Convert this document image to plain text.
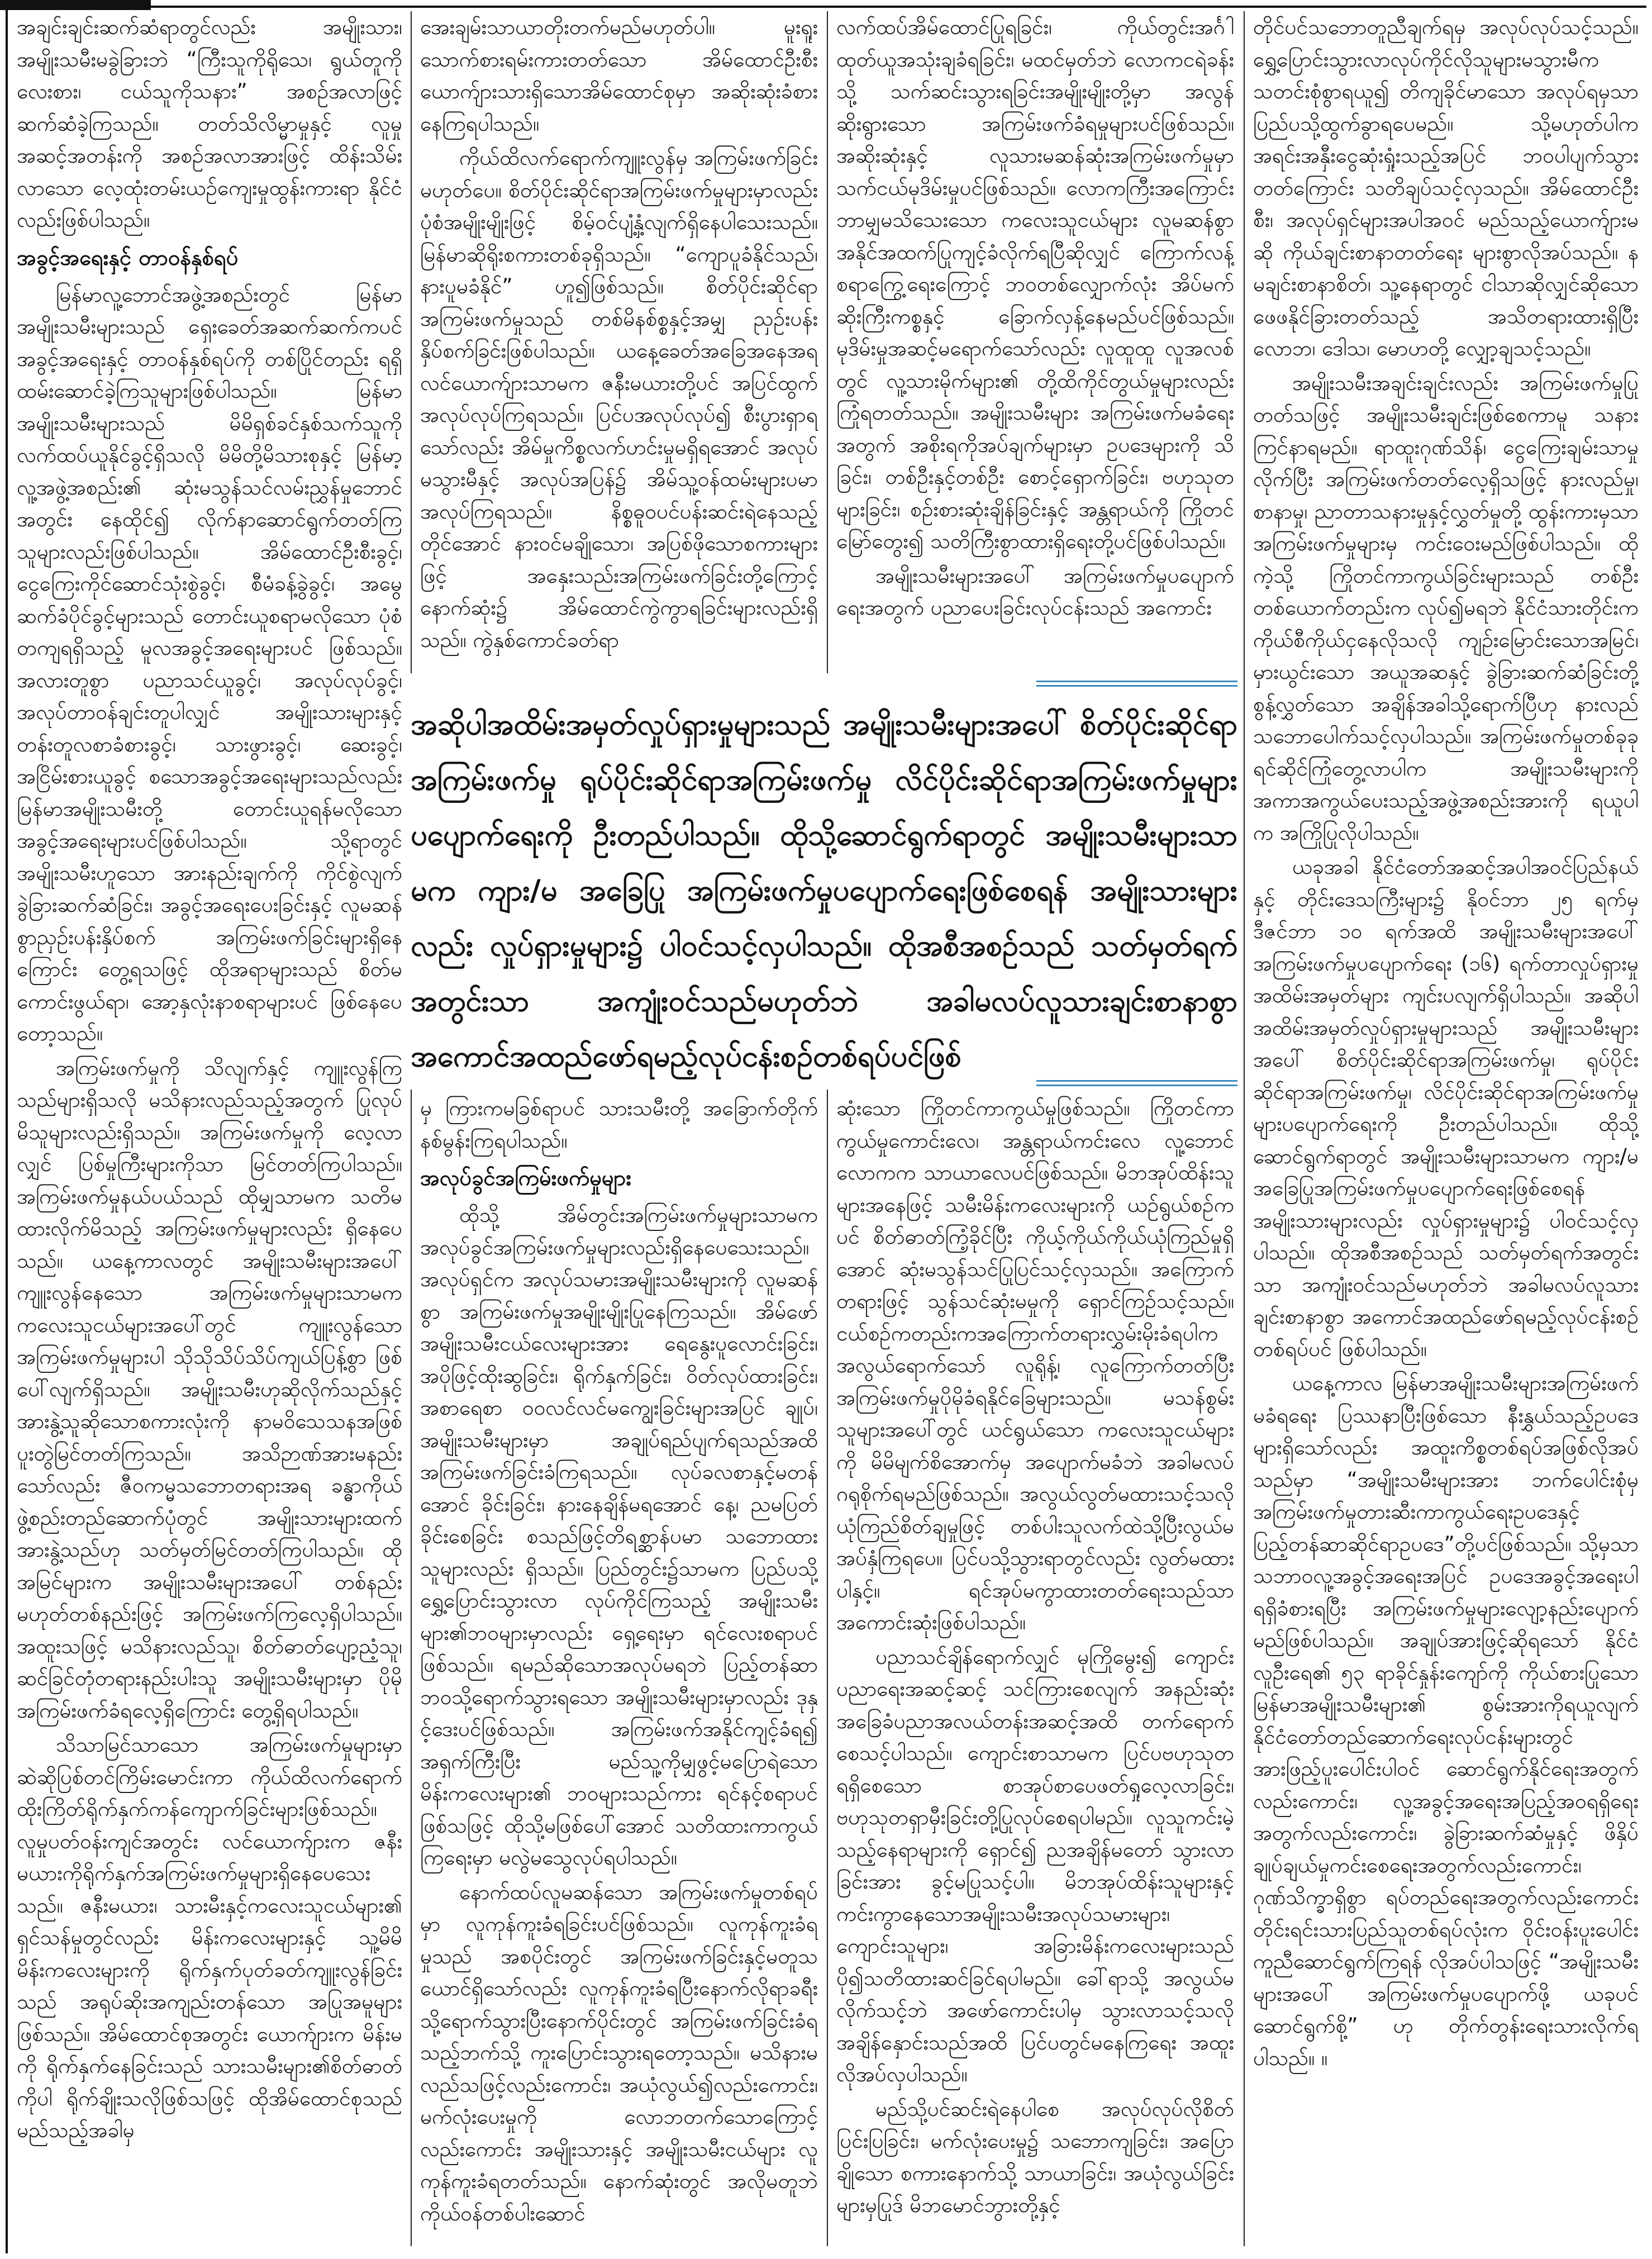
အချင်းချင်းဆက်ဆံရာတွင်လည်း အမျိုးသား၊ အမျိုးသမီးမခွဲခြားဘဲ “ကြီးသူကိုရိုသေ၊ ရွယ်တူကိုလေးစား၊ ငယ်သူကိုသနား” အစဉ်အလာဖြင့် ဆက်ဆံခဲ့ကြသည်။ တတ်သိလိမ္မာမှုနှင့် လူမှုအဆင့်အတန်းကို အစဉ်အလာအားဖြင့် ထိန်းသိမ်းလာသော လေ့ထုံးတမ်းယဉ်ကျေးမှုထွန်းကားရာ နိုင်ငံလည်းဖြစ်ပါသည်။

အခွင့်အရေးနှင့် တာဝန်နှစ်ရပ်

မြန်မာလူ့ဘောင်အဖွဲ့အစည်းတွင် မြန်မာအမျိုးသမီးများသည် ရှေးခေတ်အဆက်ဆက်ကပင် အခွင့်အရေးနှင့် တာဝန်နှစ်ရပ်ကို တစ်ပြိုင်တည်း ရရှိထမ်းဆောင်ခဲ့ကြသူများဖြစ်ပါသည်။ မြန်မာအမျိုးသမီးများသည် မိမိရှစ်ခင်နှစ်သက်သူကို လက်ထပ်ယူနိုင်ခွင့်ရှိသလို မိမိတို့မိသားစုနှင့် မြန်မာ့လူ့အဖွဲ့အစည်း၏ ဆုံးမသွန်သင်လမ်းညွှန်မှုဘောင်အတွင်း နေထိုင်၍ လိုက်နာဆောင်ရွက်တတ်ကြသူများလည်းဖြစ်ပါသည်။ အိမ်ထောင်ဦးစီးခွင့်၊ ငွေကြေးကိုင်ဆောင်သုံးစွဲခွင့်၊ စီမံခန့်ခွဲခွင့်၊ အမွေဆက်ခံပိုင်ခွင့်များသည် တောင်းယူစရာမလိုသော ပုံစံတကျရရှိသည့် မူလအခွင့်အရေးများပင် ဖြစ်သည်။ အလားတူစွာ ပညာသင်ယူခွင့်၊ အလုပ်လုပ်ခွင့်၊ အလုပ်တာဝန်ချင်းတူပါလျှင် အမျိုးသားများနှင့်တန်းတူလစာခံစားခွင့်၊ သားဖွားခွင့်၊ ဆေးခွင့်၊ အငြိမ်းစားယူခွင့် စသောအခွင့်အရေးများသည်လည်း မြန်မာအမျိုးသမီးတို့ တောင်းယူရန်မလိုသော အခွင့်အရေးများပင်ဖြစ်ပါသည်။ သို့ရာတွင် အမျိုးသမီးဟူသော အားနည်းချက်ကို ကိုင်စွဲလျက် ခွဲခြားဆက်ဆံခြင်း၊ အခွင့်အရေးပေးခြင်းနှင့် လူမဆန်စွာညှဉ်းပန်းနှိပ်စက် အကြမ်းဖက်ခြင်းများရှိနေကြောင်း တွေ့ရသဖြင့် ထိုအရာများသည် စိတ်မကောင်းဖွယ်ရာ၊ အော့နှလုံးနာစရာများပင် ဖြစ်နေပေတော့သည်။

အကြမ်းဖက်မှုကို သိလျက်နှင့် ကျူးလွန်ကြသည်များရှိသလို မသိနားလည်သည့်အတွက် ပြုလုပ်မိသူများလည်းရှိသည်။ အကြမ်းဖက်မှုကို လေ့လာလျှင် ပြစ်မှုကြီးများကိုသာ မြင်တတ်ကြပါသည်။ အကြမ်းဖက်မှုနယ်ပယ်သည် ထိုမျှသာမက သတိမထားလိုက်မိသည့် အကြမ်းဖက်မှုများလည်း ရှိနေပေသည်။ ယနေ့ကာလတွင် အမျိုးသမီးများအပေါ် ကျူးလွန်နေသော အကြမ်းဖက်မှုများသာမက ကလေးသူငယ်များအပေါ်တွင် ကျူးလွန်သော အကြမ်းဖက်မှုများပါ သိုသိုသိပ်သိပ်ကျယ်ပြန့်စွာ ဖြစ်ပေါ်လျက်ရှိသည်။ အမျိုးသမီးဟုဆိုလိုက်သည်နှင့် အားနွဲ့သူဆိုသောစကားလုံးကို နာမဝိသေသနအဖြစ် ပူးတွဲမြင်တတ်ကြသည်။ အသိဉာဏ်အားမနည်းသော်လည်း ဇီဝကမ္မသဘောတရားအရ ခန္ဓာကိုယ်ဖွဲ့စည်းတည်ဆောက်ပုံတွင် အမျိုးသားများထက် အားနွဲ့သည်ဟု သတ်မှတ်မြင်တတ်ကြပါသည်။ ထိုအမြင်များက အမျိုးသမီးများအပေါ် တစ်နည်းမဟုတ်တစ်နည်းဖြင့် အကြမ်းဖက်ကြလေ့ရှိပါသည်။ အထူးသဖြင့် မသိနားလည်သူ၊ စိတ်ဓာတ်ပျော့ညံ့သူ၊ ဆင်ခြင်တုံတရားနည်းပါးသူ အမျိုးသမီးများမှာ ပိုမိုအကြမ်းဖက်ခံရလေ့ရှိကြောင်း တွေ့ရှိရပါသည်။

သိသာမြင်သာသော အကြမ်းဖက်မှုများမှာ ဆဲဆိုပြစ်တင်ကြိမ်းမောင်းကာ ကိုယ်ထိလက်ရောက် ထိုးကြိတ်ရိုက်နှက်ကန်ကျောက်ခြင်းများဖြစ်သည်။ လူမှုပတ်ဝန်းကျင်အတွင်း လင်ယောက်ျားက ဇနီးမယားကိုရိုက်နှက်အကြမ်းဖက်မှုများရှိနေပေသေးသည်။ ဇနီးမယား၊ သားမီးနှင့်ကလေးသူငယ်များ၏ ရှင်သန်မှုတွင်လည်း မိန်းကလေးများနှင့် သူ့မိမိမိန်းကလေးများကို ရိုက်နှက်ပုတ်ခတ်ကျူးလွန်ခြင်းသည် အရုပ်ဆိုးအကျည်းတန်သော အပြုအမူများဖြစ်သည်။ အိမ်ထောင်စုအတွင်း ယောက်ျားက မိန်းမကို ရိုက်နှက်နေခြင်းသည် သားသမီးများ၏စိတ်ဓာတ်ကိုပါ ရိုက်ချိုးသလိုဖြစ်သဖြင့် ထိုအိမ်ထောင်စုသည် မည်သည့်အခါမှ

အေးချမ်းသာယာတိုးတက်မည်မဟုတ်ပါ။ မူးရူးသောက်စားရမ်းကားတတ်သော အိမ်ထောင်ဦးစီးယောက်ျားသားရှိသောအိမ်ထောင်စုမှာ အဆိုးဆုံးခံစားနေကြရပါသည်။

ကိုယ်ထိလက်ရောက်ကျူးလွန်မှ အကြမ်းဖက်ခြင်းမဟုတ်ပေ။ စိတ်ပိုင်းဆိုင်ရာအကြမ်းဖက်မှုများမှာလည်း ပုံစံအမျိုးမျိုးဖြင့် စိမ့်ဝင်ပျံ့နှံ့လျက်ရှိနေပါသေးသည်။ မြန်မာဆိုရိုးစကားတစ်ခုရှိသည်။ “ကျောပူခံနိုင်သည်၊ နားပူမခံနိုင်” ဟူ၍ဖြစ်သည်။ စိတ်ပိုင်းဆိုင်ရာအကြမ်းဖက်မှုသည် တစ်မိနစ်စ္စနှင့်အမျှ ညှဉ်းပန်းနှိပ်စက်ခြင်းဖြစ်ပါသည်။ ယနေ့ခေတ်အခြေအနေအရ လင်ယောက်ျားသာမက ဇနီးမယားတို့ပင် အပြင်ထွက်အလုပ်လုပ်ကြရသည်။ ပြင်ပအလုပ်လုပ်၍ စီးပွားရှာရသော်လည်း အိမ်မှုကိစ္စလက်ဟင်းမှုမရှိရအောင် အလုပ်မသွားမီနှင့် အလုပ်အပြန်၌ အိမ်သူ့ဝန်ထမ်းများပမာ အလုပ်ကြရသည်။ နိစ္စဓူဝပင်ပန်းဆင်းရဲနေသည့်တိုင်အောင် နားဝင်မချိုသော၊ အပြစ်ဖိုသောစကားများဖြင့် အနှေးသည်းအကြမ်းဖက်ခြင်းတို့ကြောင့် နောက်ဆုံး၌ အိမ်ထောင်ကွဲကွာရခြင်းများလည်းရှိသည်။ ကွဲနှစ်ကောင်ခတ်ရာ

လက်ထပ်အိမ်ထောင်ပြုရခြင်း၊ ကိုယ်တွင်းအင်္ဂါထုတ်ယူအသုံးချခံရခြင်း၊ မထင်မှတ်ဘဲ လောကငရဲခန်းသို့ သက်ဆင်းသွားရခြင်းအမျိုးမျိုးတို့မှာ အလွန်ဆိုးရွားသော အကြမ်းဖက်ခံရမှုများပင်ဖြစ်သည်။ အဆိုးဆုံးနှင့် လူသားမဆန်ဆုံးအကြမ်းဖက်မှုမှာ သက်ငယ်မုဒိမ်းမှုပင်ဖြစ်သည်။ လောကကြီးအကြောင်း ဘာမျှမသိသေးသော ကလေးသူငယ်များ လူမဆန်စွာ အနိုင်အထက်ပြုကျင့်ခံလိုက်ရပြီဆိုလျှင် ကြောက်လန့်စရာကြွေ့ရေးကြောင့် ဘဝတစ်လျှောက်လုံး အိပ်မက်ဆိုးကြီးကစ္စနှင့် ခြောက်လှန့်နေမည်ပင်ဖြစ်သည်။ မုဒိမ်းမှုအဆင့်မရောက်သော်လည်း လူထူထူ လူအလစ်တွင် လူ့သားမိုက်များ၏ တို့ထိကိုင်တွယ်မှုများလည်း ကြုံရတတ်သည်။ အမျိုးသမီးများ အကြမ်းဖက်မခံရေးအတွက် အစိုးရကိုအပ်ချက်များမှာ ဥပဒေများကို သိခြင်း၊ တစ်ဦးနှင့်တစ်ဦး စောင့်ရှောက်ခြင်း၊ ဗဟုသုတများခြင်း၊ စဉ်းစားဆုံးချိန်ခြင်းနှင့် အန္တရာယ်ကို ကြိုတင်မြော်တွေး၍ သတိကြီးစွာထားရှိရေးတို့ပင်ဖြစ်ပါသည်။

အမျိုးသမီးများအပေါ် အကြမ်းဖက်မှုပပျောက်ရေးအတွက် ပညာပေးခြင်းလုပ်ငန်းသည် အကောင်း

အဆိုပါအထိမ်းအမှတ်လှုပ်ရှားမှုများသည် အမျိုးသမီးများအပေါ် စိတ်ပိုင်းဆိုင်ရာအကြမ်းဖက်မှု ရုပ်ပိုင်းဆိုင်ရာအကြမ်းဖက်မှု လိင်ပိုင်းဆိုင်ရာအကြမ်းဖက်မှုများပပျောက်ရေးကို ဦးတည်ပါသည်။ ထိုသို့ဆောင်ရွက်ရာတွင် အမျိုးသမီးများသာမက ကျား/မ အခြေပြု အကြမ်းဖက်မှုပပျောက်ရေးဖြစ်စေရန် အမျိုးသားများလည်း လှုပ်ရှားမှုများ၌ ပါဝင်သင့်လှပါသည်။ ထိုအစီအစဉ်သည် သတ်မှတ်ရက်အတွင်းသာ အကျုံးဝင်သည်မဟုတ်ဘဲ အခါမလပ်လူသားချင်းစာနာစွာ အကောင်အထည်ဖော်ရမည့်လုပ်ငန်းစဉ်တစ်ရပ်ပင်ဖြစ်

မှ ကြားကမခြစ်ရာပင် သားသမီးတို့ အခြောက်တိုက်နစ်မွန်းကြရပါသည်။

အလုပ်ခွင်အကြမ်းဖက်မှုများ

ထိုသို့ အိမ်တွင်းအကြမ်းဖက်မှုများသာမက အလုပ်ခွင်အကြမ်းဖက်မှုများလည်းရှိနေပေသေးသည်။ အလုပ်ရှင်က အလုပ်သမားအမျိုးသမီးများကို လူမဆန်စွာ အကြမ်းဖက်မှုအမျိုးမျိုးပြုနေကြသည်။ အိမ်ဖော်အမျိုးသမီးငယ်လေးများအား ရေနွေးပူလောင်းခြင်း၊ အပိုဖြင့်ထိုးဆွခြင်း၊ ရိုက်နှက်ခြင်း၊ ဝိတ်လုပ်ထားခြင်း၊ အစာရေစာ ဝဝလင်လင်မကျွေးခြင်းများအပြင် ချုပ်၊ အမျိုးသမီးများမှာ အချုပ်ရည်ပျက်ရသည်အထိ အကြမ်းဖက်ခြင်းခံကြရသည်။ လုပ်ခလစာနှင့်မတန်အောင် ခိုင်းခြင်း၊ နားနေချိန်မရအောင် နေ့၊ ညမပြတ်ခိုင်းစေခြင်း စသည်ဖြင့်တိရစ္ဆာန်ပမာ သဘောထားသူများလည်း ရှိသည်။ ပြည်တွင်း၌သာမက ပြည်ပသို့ရွှေ့ပြောင်းသွားလာ လုပ်ကိုင်ကြသည့် အမျိုးသမီးများ၏ဘဝများမှာလည်း ရှေ့ရေးမှာ ရင်လေးစရာပင်ဖြစ်သည်။ ရမည်ဆိုသောအလုပ်မရဘဲ ပြည့်တန်ဆာဘဝသို့ရောက်သွားရသော အမျိုးသမီးများမှာလည်း ဒုနှင့်ဒေးပင်ဖြစ်သည်။ အကြမ်းဖက်အနိုင်ကျင့်ခံရ၍ အရှက်ကြီးပြီး မည်သူ့ကိုမျှဖွင့်မပြောရဲသော မိန်းကလေးများ၏ ဘဝများသည်ကား ရင်နင့်စရာပင်ဖြစ်သဖြင့် ထိုသို့မဖြစ်ပေါ်အောင် သတိထားကာကွယ်ကြရေးမှာ မလွဲမသွေလုပ်ရပါသည်။

နောက်ထပ်လူမဆန်သော အကြမ်းဖက်မှုတစ်ရပ်မှာ လူကုန်ကူးခံရခြင်းပင်ဖြစ်သည်။ လူကုန်ကူးခံရမှုသည် အစပိုင်းတွင် အကြမ်းဖက်ခြင်းနှင့်မတူသယောင်ရှိသော်လည်း လူကုန်ကူးခံရပြီးနောက်လိုရာခရီးသို့ရောက်သွားပြီးနောက်ပိုင်းတွင် အကြမ်းဖက်ခြင်းခံရသည့်ဘက်သို့ ကူးပြောင်းသွားရတော့သည်။ မသိနားမလည်သဖြင့်လည်းကောင်း၊ အယုံလွယ်၍လည်းကောင်း၊ မက်လုံးပေးမှုကို လောဘတက်သောကြောင့်လည်းကောင်း အမျိုးသားနှင့် အမျိုးသမီးငယ်များ လူကုန်ကူးခံရတတ်သည်။ နောက်ဆုံးတွင် အလိုမတူဘဲ ကိုယ်ဝန်တစ်ပါးဆောင်

ဆုံးသော ကြိုတင်ကာကွယ်မှုဖြစ်သည်။ ကြိုတင်ကာကွယ်မှုကောင်းလေ၊ အန္တရာယ်ကင်းလေ လူ့ဘောင်လောကက သာယာလေပင်ဖြစ်သည်။ မိဘအုပ်ထိန်းသူများအနေဖြင့် သမီးမိန်းကလေးများကို ယဉ်ရွယ်စဉ်ကပင် စိတ်ဓာတ်ကြံ့ခိုင်ပြီး ကိုယ့်ကိုယ်ကိုယ်ယုံကြည်မှုရှိအောင် ဆုံးမသွန်သင်ပြုပြင်သင့်လှသည်။ အကြောက်တရားဖြင့် သွန်သင်ဆုံးမမှုကို ရှောင်ကြဉ်သင့်သည်။ ငယ်စဉ်ကတည်းကအကြောက်တရားလွှမ်းမိုးခံရပါက အလွယ်ရောက်သော် လူရိုန့်၊ လူကြောက်တတ်ပြီး အကြမ်းဖက်မှုပိုမိုခံရနိုင်ခြေများသည်။ မသန်စွမ်းသူများအပေါ်တွင် ယင်ရွယ်သော ကလေးသူငယ်များကို မိမိမျက်စိအောက်မှ အပျောက်မခံဘဲ အခါမလပ်ဂရုစိုက်ရမည်ဖြစ်သည်။ အလွယ်လွတ်မထားသင့်သလို ယုံကြည်စိတ်ချမှုဖြင့် တစ်ပါးသူလက်ထဲသို့ပြီးလွယ်မအပ်နှံကြရပေ။ ပြင်ပသို့သွားရာတွင်လည်း လွတ်မထားပါနှင့်။ ရင်အုပ်မကွာထားတတ်ရေးသည်သာ အကောင်းဆုံးဖြစ်ပါသည်။

ပညာသင်ချိန်ရောက်လျှင် မုကြိုမွေး၍ ကျောင်းပညာရေးအဆင့်ဆင့် သင်ကြားစေလျက် အနည်းဆုံး အခြေခံပညာအလယ်တန်းအဆင့်အထိ တက်ရောက်စေသင့်ပါသည်။ ကျောင်းစာသာမက ပြင်ပဗဟုသုတရရှိစေသော စာအုပ်စာပေဖတ်ရှုလေ့လာခြင်း၊ ဗဟုသုတရှာမှီးခြင်းတို့ပြုလုပ်စေရပါမည်။ လူသူကင်းမဲ့သည့်နေရာများကို ရှောင်၍ ညအချိန်မတော် သွားလာခြင်းအား ခွင့်မပြုသင့်ပါ။ မိဘအုပ်ထိန်းသူများနှင့် ကင်းကွာနေသောအမျိုးသမီးအလုပ်သမားများ၊ ကျောင်းသူများ၊ အခြားမိန်းကလေးများသည် ပို၍သတိထားဆင်ခြင်ရပါမည်။ ခေါ်ရာသို့ အလွယ်မလိုက်သင့်ဘဲ အဖော်ကောင်းပါမှ သွားလာသင့်သလို အချိန်နှောင်းသည်အထိ ပြင်ပတွင်မနေကြရေး အထူးလိုအပ်လှပါသည်။

မည်သို့ပင်ဆင်းရဲနေပါစေ အလုပ်လုပ်လိုစိတ်ပြင်းပြခြင်း၊ မက်လုံးပေးမှု၌ သဘောကျခြင်း၊ အပြောချိုသော စကားနောက်သို့ သာယာခြင်း၊ အယုံလွယ်ခြင်းများမှပြုဒ် မိဘမောင်ဘွားတို့နှင့်

တိုင်ပင်သဘောတူညီချက်ရမှ အလုပ်လုပ်သင့်သည်။ ရွှေ့ပြောင်းသွားလာလုပ်ကိုင်လိုသူများမသွားမီက သတင်းစုံစွာရယူ၍ တိကျခိုင်မာသော အလုပ်ရမှသာ ပြည်ပသို့ထွက်ခွာရပေမည်။ သို့မဟုတ်ပါက အရင်းအနှီးငွေဆုံးရှုံးသည့်အပြင် ဘဝပါပျက်သွားတတ်ကြောင်း သတိချပ်သင့်လှသည်။ အိမ်ထောင်ဦးစီး၊ အလုပ်ရှင်များအပါအဝင် မည်သည့်ယောက်ျားမဆို ကိုယ်ချင်းစာနာတတ်ရေး များစွာလိုအပ်သည်။ နမချင်းစာနာစိတ်၊ သူ့နေရာတွင် ငါသာဆိုလျှင်ဆိုသော ဖေဖနိုင်ခြားတတ်သည့် အသိတရားထားရှိပြီး လောဘ၊ ဒေါသ၊ မောဟတို့ လျှော့ချသင့်သည်။

အမျိုးသမီးအချင်းချင်းလည်း အကြမ်းဖက်မှုပြုတတ်သဖြင့် အမျိုးသမီးချင်းဖြစ်စေကာမူ သနားကြင်နာရမည်။ ရာထူးဂုဏ်သိန်၊ ငွေကြေးချမ်းသာမှုလိုက်ပြီး အကြမ်းဖက်တတ်လေ့ရှိသဖြင့် နားလည်မှု၊ စာနာမှု၊ ညာတာသနားမှုနှင့်လွှတ်မှုတို့ ထွန်းကားမှသာ အကြမ်းဖက်မှုများမှ ကင်းဝေးမည်ဖြစ်ပါသည်။ ထိုကဲ့သို့ ကြိုတင်ကာကွယ်ခြင်းများသည် တစ်ဦးတစ်ယောက်တည်းက လုပ်၍မရဘဲ နိုင်ငံသားတိုင်းက ကိုယ်စီကိုယ်ငှနေလိုသလို ကျဉ်းမြောင်းသောအမြင်၊ မှားယွင်းသော အယူအဆနှင့် ခွဲခြားဆက်ဆံခြင်းတို့ စွန့်လွှတ်သော အချိန်အခါသို့ရောက်ပြီဟု နားလည်သဘောပေါက်သင့်လှပါသည်။ အကြမ်းဖက်မှုတစ်ခုခုရင်ဆိုင်ကြုံတွေ့လာပါက အမျိုးသမီးများကို အကာအကွယ်ပေးသည့်အဖွဲ့အစည်းအားကို ရယူပါက အကြိုပြုလိုပါသည်။

ယခုအခါ နိုင်ငံတော်အဆင့်အပါအဝင်ပြည်နယ်နှင့် တိုင်းဒေသကြီးများ၌ နိုဝင်ဘာ ၂၅ ရက်မှ ဒီဇင်ဘာ ၁၀ ရက်အထိ အမျိုးသမီးများအပေါ် အကြမ်းဖက်မှုပပျောက်ရေး (၁၆) ရက်တာလှုပ်ရှားမှုအထိမ်းအမှတ်များ ကျင်းပလျက်ရှိပါသည်။ အဆိုပါ အထိမ်းအမှတ်လှုပ်ရှားမှုများသည် အမျိုးသမီးများအပေါ် စိတ်ပိုင်းဆိုင်ရာအကြမ်းဖက်မှု၊ ရုပ်ပိုင်းဆိုင်ရာအကြမ်းဖက်မှု၊ လိင်ပိုင်းဆိုင်ရာအကြမ်းဖက်မှုများပပျောက်ရေးကို ဦးတည်ပါသည်။ ထိုသို့ဆောင်ရွက်ရာတွင် အမျိုးသမီးများသာမက ကျား/မအခြေပြုအကြမ်းဖက်မှုပပျောက်ရေးဖြစ်စေရန် အမျိုးသားများလည်း လှုပ်ရှားမှုများ၌ ပါဝင်သင့်လှပါသည်။ ထိုအစီအစဉ်သည် သတ်မှတ်ရက်အတွင်းသာ အကျုံးဝင်သည်မဟုတ်ဘဲ အခါမလပ်လူသားချင်းစာနာစွာ အကောင်အထည်ဖော်ရမည့်လုပ်ငန်းစဉ်တစ်ရပ်ပင် ဖြစ်ပါသည်။

ယနေ့ကာလ မြန်မာအမျိုးသမီးများအကြမ်းဖက်မခံရရေး ပြဿနာပြီးဖြစ်သော နီးနွှယ်သည့်ဥပဒေများရှိသော်လည်း အထူးကိစ္စတစ်ရပ်အဖြစ်လိုအပ်သည်မှာ “အမျိုးသမီးများအား ဘက်ပေါင်းစုံမှ အကြမ်းဖက်မှုတားဆီးကာကွယ်ရေးဥပဒေနှင့် ပြည့်တန်ဆာဆိုင်ရာဥပဒေ”တို့ပင်ဖြစ်သည်။ သို့မှသာ သဘာဝလူ့အခွင့်အရေးအပြင် ဥပဒေအခွင့်အရေးပါရရှိခံစားရပြီး အကြမ်းဖက်မှုများလျော့နည်းပျောက်မည်ဖြစ်ပါသည်။ အချုပ်အားဖြင့်ဆိုရသော် နိုင်ငံလူဦးရေ၏ ၅၃ ရာခိုင်နှုန်းကျော်ကို ကိုယ်စားပြုသော မြန်မာအမျိုးသမီးများ၏ စွမ်းအားကိုရယူလျက် နိုင်ငံတော်တည်ဆောက်ရေးလုပ်ငန်းများတွင် အားဖြည့်ပူးပေါင်းပါဝင် ဆောင်ရွက်နိုင်ရေးအတွက်လည်းကောင်း၊ လူ့အခွင့်အရေးအပြည့်အဝရရှိရေးအတွက်လည်းကောင်း၊ ခွဲခြားဆက်ဆံမှုနှင့် ဖိနှိပ်ချုပ်ချယ်မှုကင်းစေရေးအတွက်လည်းကောင်း၊ ဂုဏ်သိက္ခာရှိစွာ ရပ်တည်ရေးအတွက်လည်းကောင်း တိုင်းရင်းသားပြည်သူတစ်ရပ်လုံးက ဝိုင်းဝန်းပူးပေါင်းကူညီဆောင်ရွက်ကြရန် လိုအပ်ပါသဖြင့် “အမျိုးသမီးများအပေါ် အကြမ်းဖက်မှုပပျောက်ဖို့ ယခုပင်ဆောင်ရွက်စို့” ဟု တိုက်တွန်းရေးသားလိုက်ရပါသည်။ ။
